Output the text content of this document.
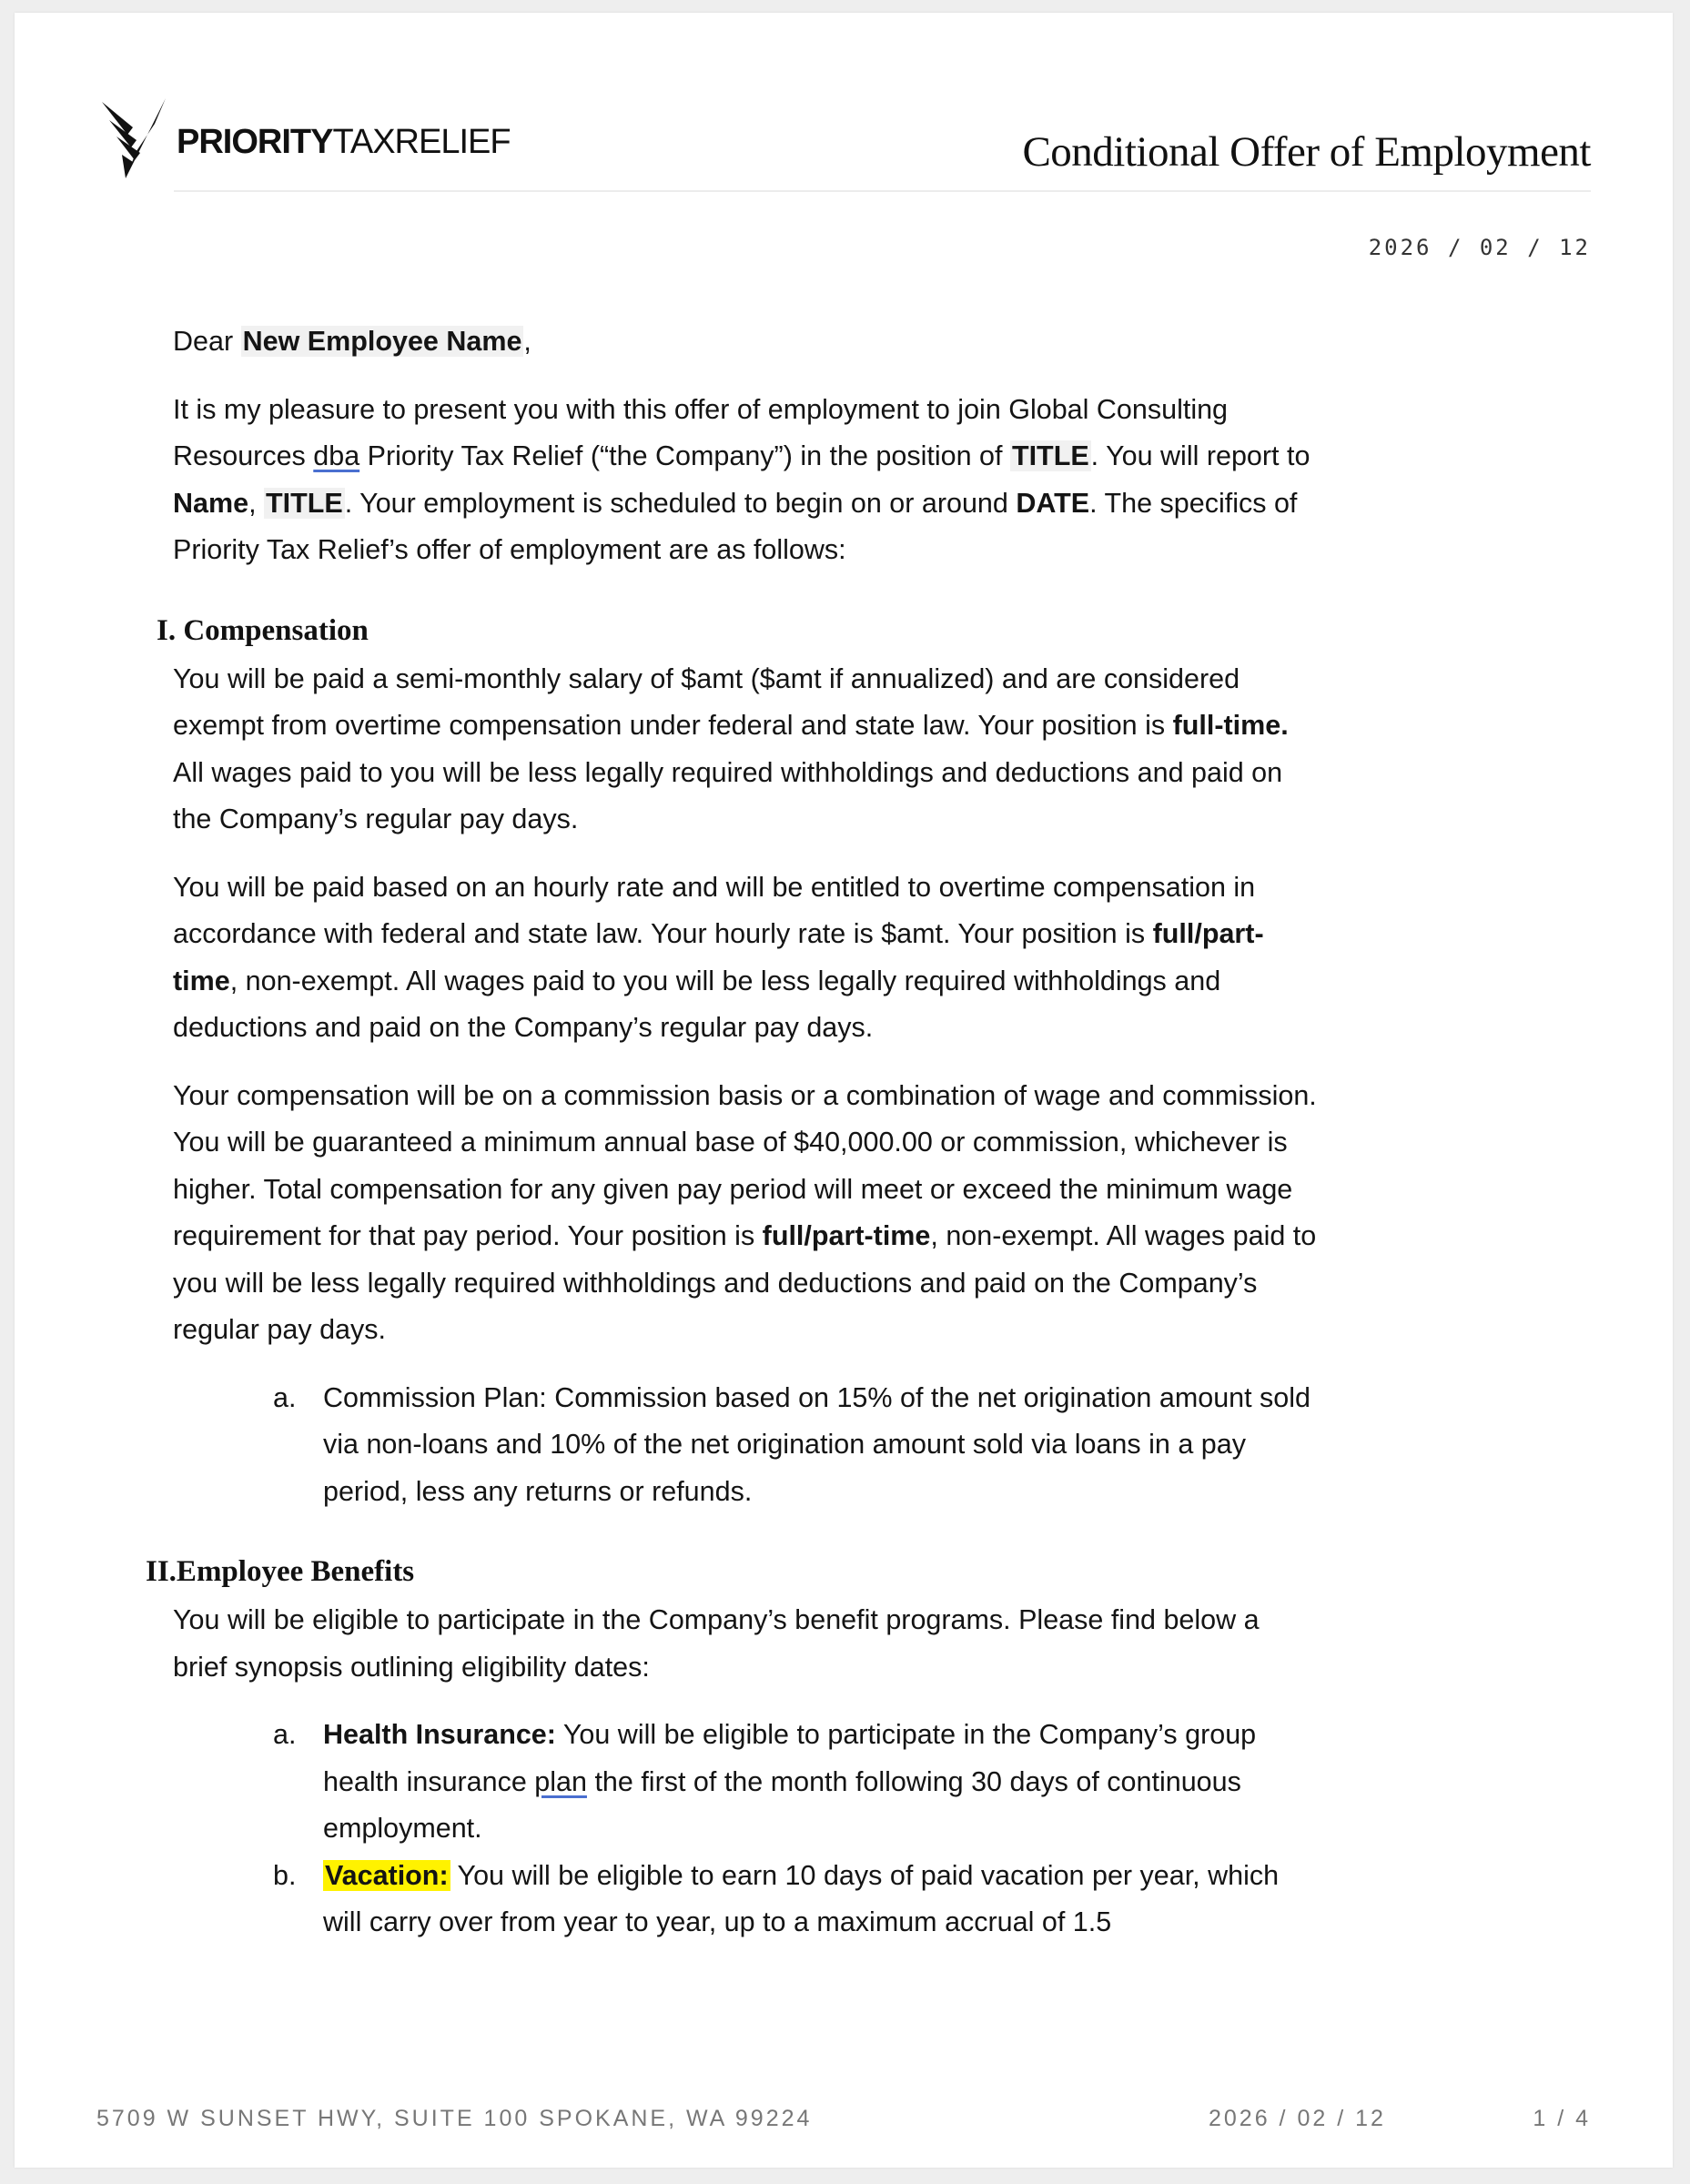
PRIORITYTAXRELIEF	Conditional Offer of Employment
2026 / 02 / 12

Dear New Employee Name,

It is my pleasure to present you with this offer of employment to join Global Consulting Resources dba Priority Tax Relief (“the Company”) in the position of TITLE. You will report to Name, TITLE. Your employment is scheduled to begin on or around DATE. The specifics of Priority Tax Relief’s offer of employment are as follows:

I. Compensation

You will be paid a semi-monthly salary of $amt ($amt if annualized) and are considered exempt from overtime compensation under federal and state law. Your position is full-time. All wages paid to you will be less legally required withholdings and deductions and paid on the Company’s regular pay days.

You will be paid based on an hourly rate and will be entitled to overtime compensation in accordance with federal and state law. Your hourly rate is $amt. Your position is full/part-time, non-exempt. All wages paid to you will be less legally required withholdings and deductions and paid on the Company’s regular pay days.

Your compensation will be on a commission basis or a combination of wage and commission. You will be guaranteed a minimum annual base of $40,000.00 or commission, whichever is higher. Total compensation for any given pay period will meet or exceed the minimum wage requirement for that pay period. Your position is full/part-time, non-exempt. All wages paid to you will be less legally required withholdings and deductions and paid on the Company’s regular pay days.

a. Commission Plan: Commission based on 15% of the net origination amount sold via non-loans and 10% of the net origination amount sold via loans in a pay period, less any returns or refunds.
II.Employee Benefits

You will be eligible to participate in the Company’s benefit programs. Please find below a brief synopsis outlining eligibility dates:

a. Health Insurance: You will be eligible to participate in the Company’s group health insurance plan the first of the month following 30 days of continuous employment.
b.	Vacation: You will be eligible to earn 10 days of paid vacation per year, which will carry over from year to year, up to a maximum accrual of 1.5
5709 W SUNSET HWY, SUITE 100 SPOKANE, WA 99224	2026 / 02 / 12	1 / 4
